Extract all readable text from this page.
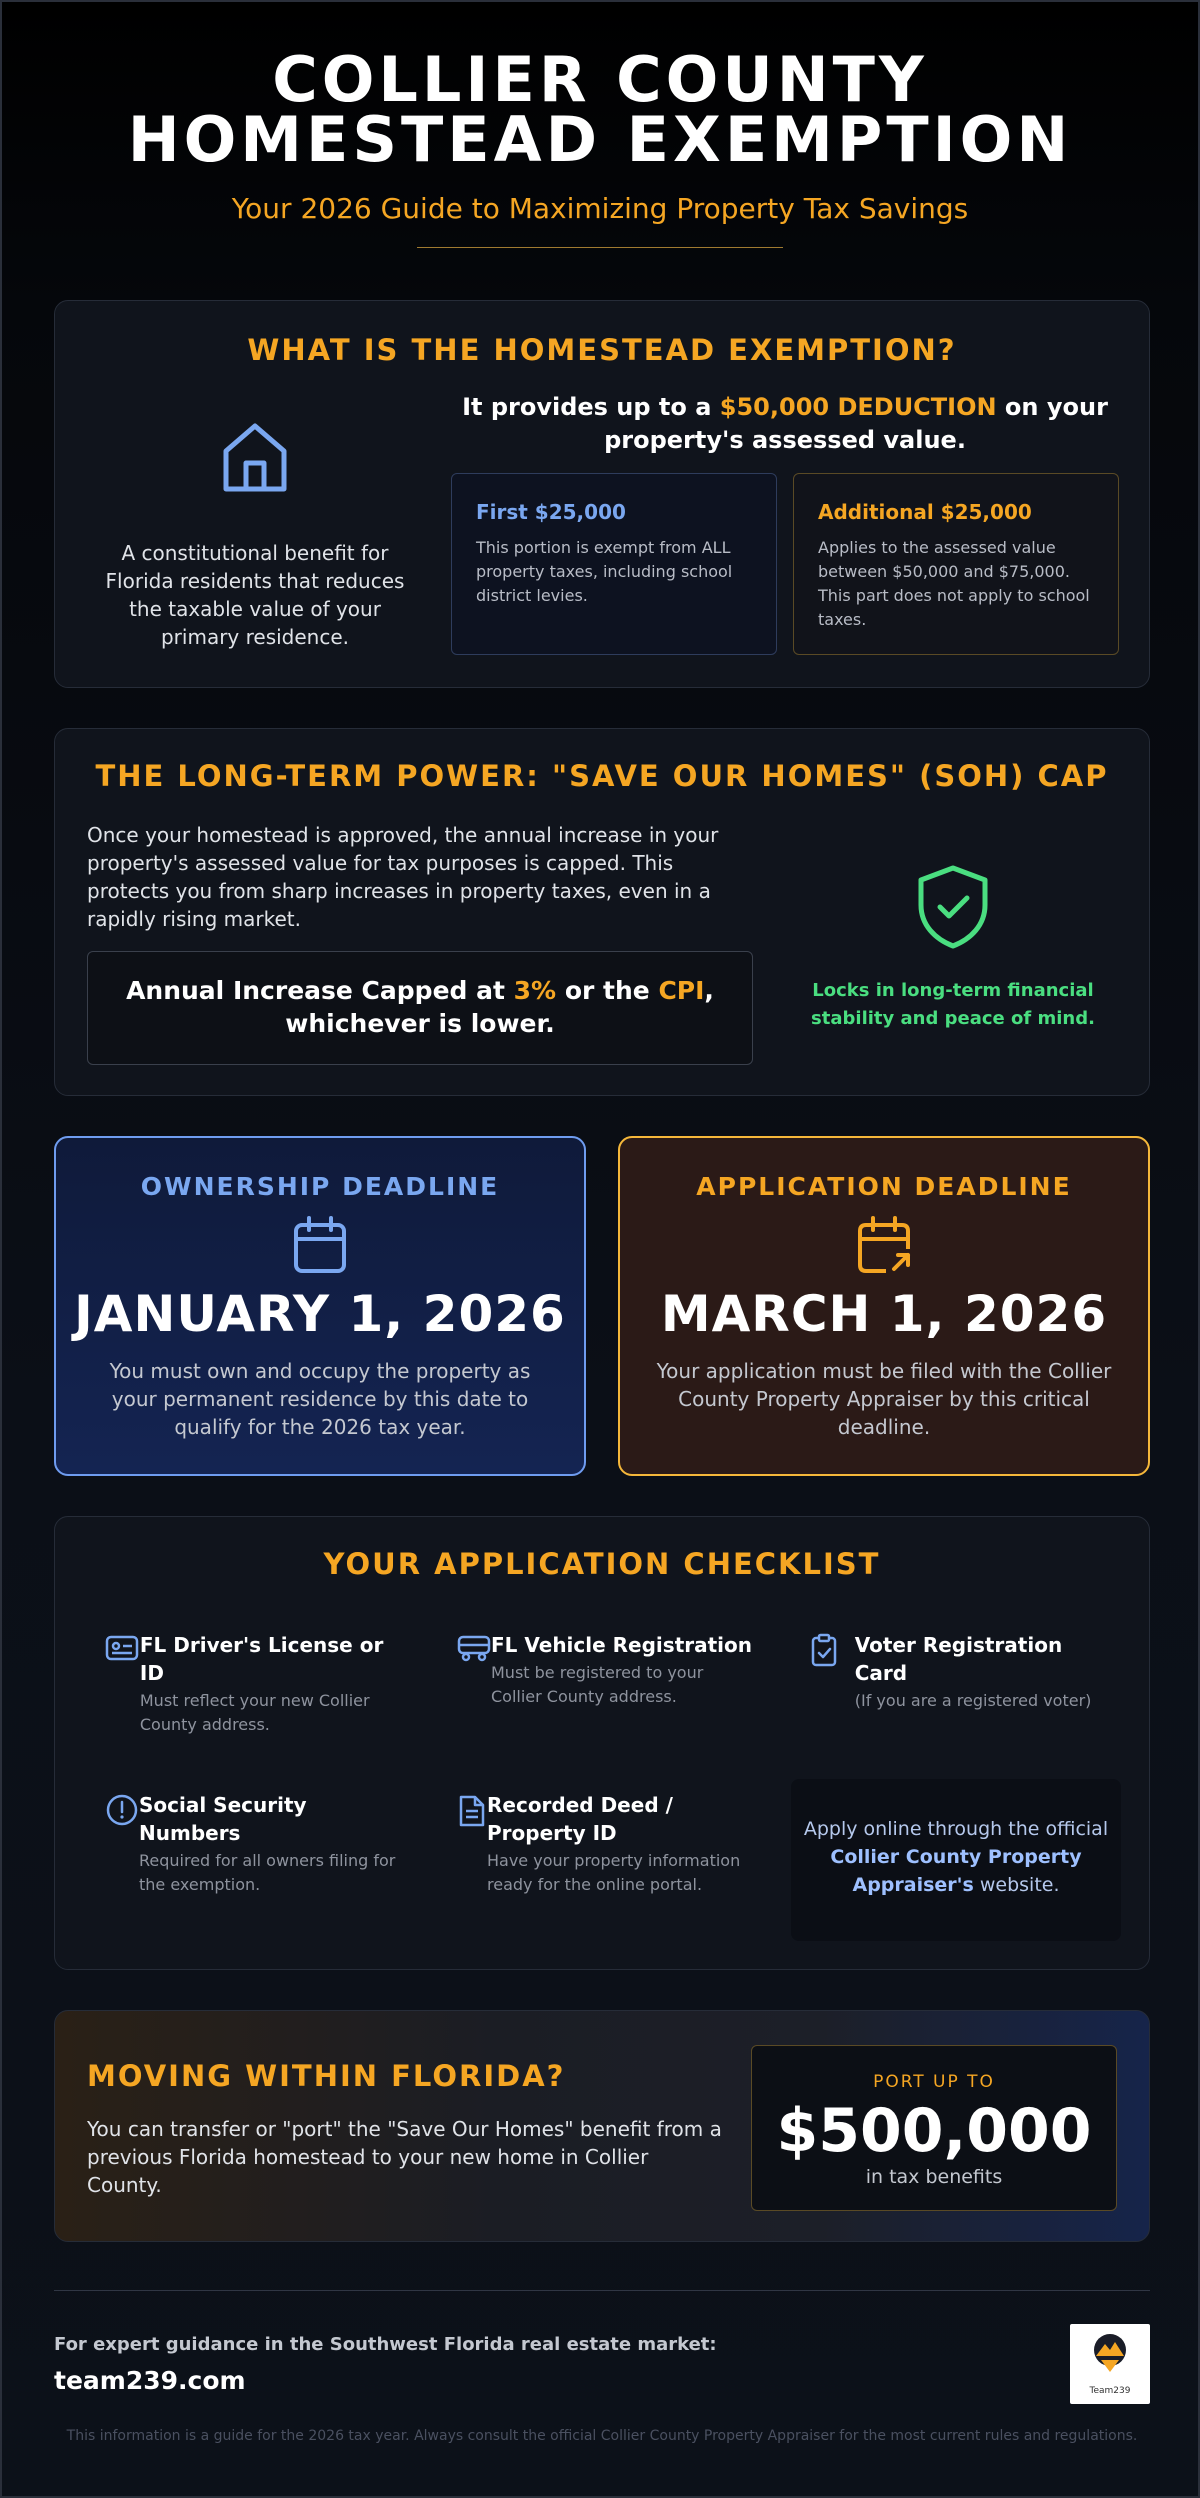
COLLIER COUNTY
HOMESTEAD EXEMPTION
Your 2026 Guide to Maximizing Property Tax Savings
WHAT IS THE HOMESTEAD EXEMPTION?
A constitutional benefit for Florida residents that reduces the taxable value of your primary residence.
It provides up to a $50,000 DEDUCTION on your property's assessed value.
First $25,000
This portion is exempt from ALL property taxes, including school district levies.
Additional $25,000
Applies to the assessed value between $50,000 and $75,000. This part does not apply to school taxes.
THE LONG-TERM POWER: "SAVE OUR HOMES" (SOH) CAP
Once your homestead is approved, the annual increase in your property's assessed value for tax purposes is capped. This protects you from sharp increases in property taxes, even in a rapidly rising market.
Annual Increase Capped at 3% or the CPI, whichever is lower.
Locks in long-term financial stability and peace of mind.
OWNERSHIP DEADLINE
JANUARY 1, 2026
You must own and occupy the property as your permanent residence by this date to qualify for the 2026 tax year.
APPLICATION DEADLINE
MARCH 1, 2026
Your application must be filed with the Collier County Property Appraiser by this critical deadline.
YOUR APPLICATION CHECKLIST
FL Driver's License or ID
Must reflect your new Collier County address.
FL Vehicle Registration
Must be registered to your Collier County address.
Voter Registration Card
(If you are a registered voter)
Social Security Numbers
Required for all owners filing for the exemption.
Recorded Deed / Property ID
Have your property information ready for the online portal.
Apply online through the official Collier County Property Appraiser's website.
MOVING WITHIN FLORIDA?
You can transfer or "port" the "Save Our Homes" benefit from a previous Florida homestead to your new home in Collier County.
PORT UP TO
$500,000
in tax benefits
For expert guidance in the Southwest Florida real estate market:
team239.com	Team239
This information is a guide for the 2026 tax year. Always consult the official Collier County Property Appraiser for the most current rules and regulations.
